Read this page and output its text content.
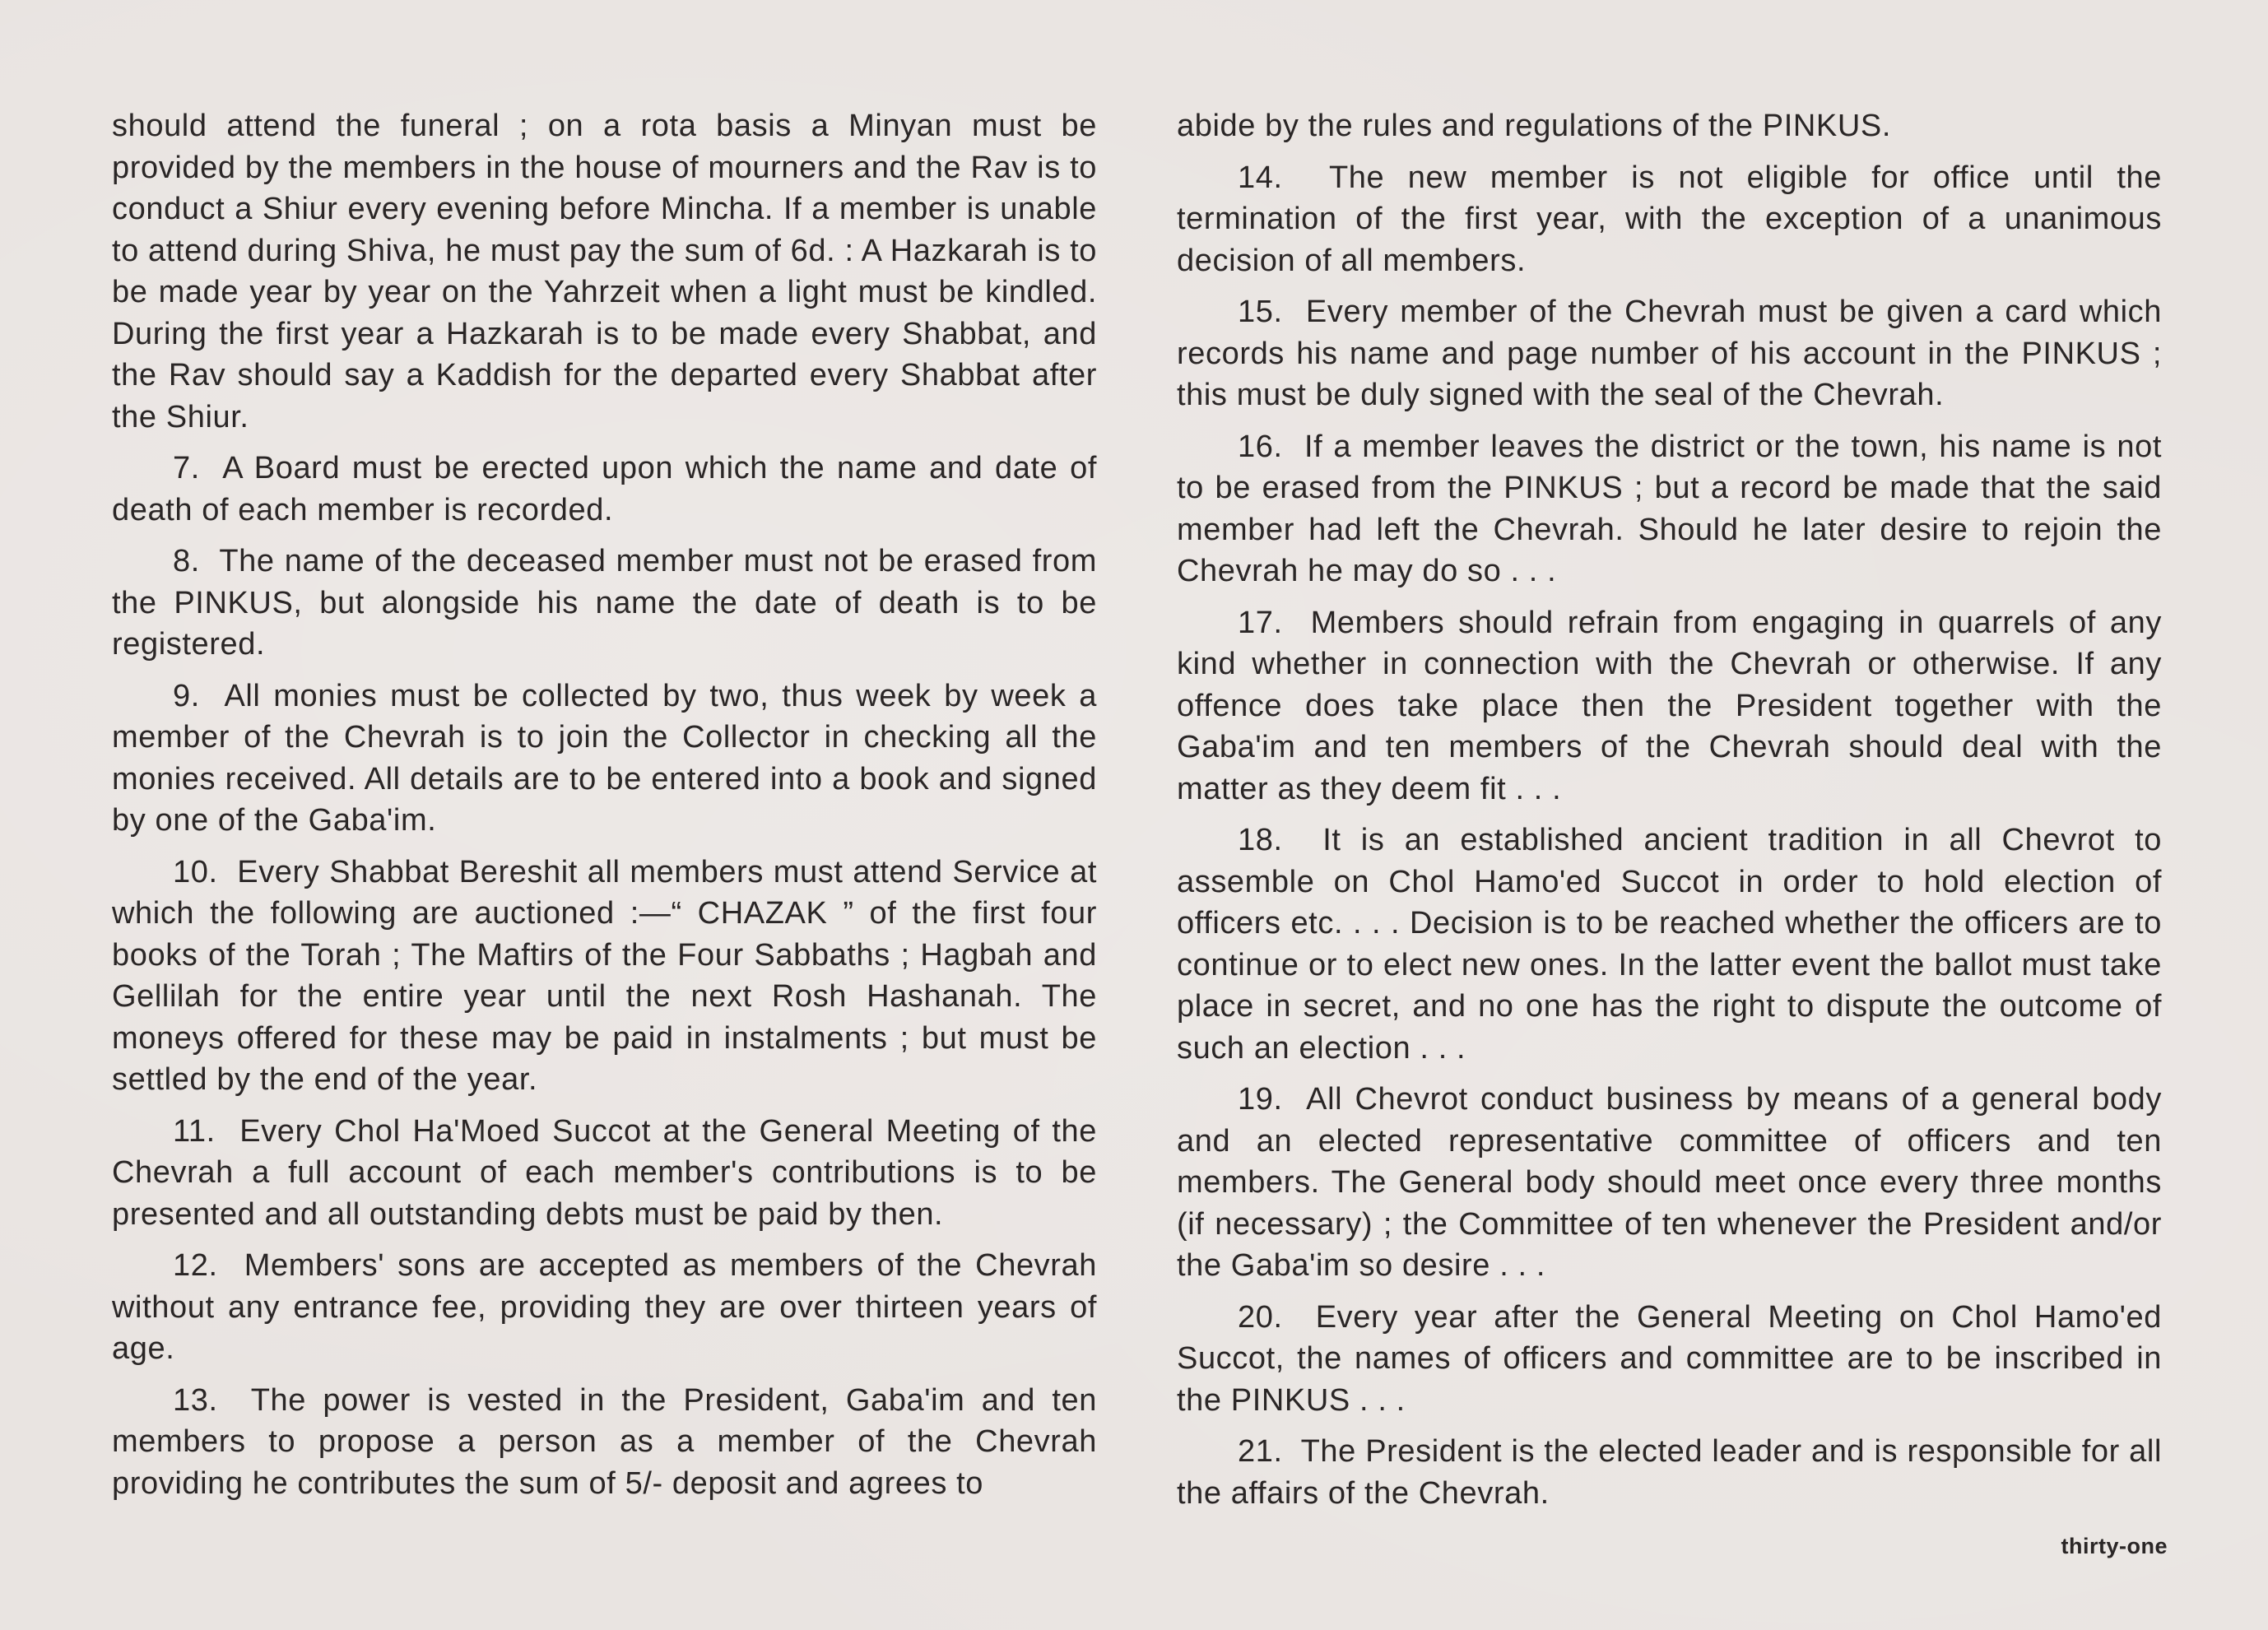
should attend the funeral ; on a rota basis a Minyan must be provided by the members in the house of mourners and the Rav is to conduct a Shiur every evening before Mincha. If a member is unable to attend during Shiva, he must pay the sum of 6d. : A Hazkarah is to be made year by year on the Yahrzeit when a light must be kindled. During the first year a Hazkarah is to be made every Shabbat, and the Rav should say a Kaddish for the departed every Shabbat after the Shiur.

7. A Board must be erected upon which the name and date of death of each member is recorded.

8. The name of the deceased member must not be erased from the PINKUS, but alongside his name the date of death is to be registered.

9. All monies must be collected by two, thus week by week a member of the Chevrah is to join the Collector in checking all the monies received. All details are to be entered into a book and signed by one of the Gaba'im.

10. Every Shabbat Bereshit all members must attend Service at which the following are auctioned :—“ CHAZAK ” of the first four books of the Torah ; The Maftirs of the Four Sabbaths ; Hagbah and Gellilah for the entire year until the next Rosh Hashanah. The moneys offered for these may be paid in instalments ; but must be settled by the end of the year.

11. Every Chol Ha'Moed Succot at the General Meeting of the Chevrah a full account of each member's contributions is to be presented and all outstanding debts must be paid by then.

12. Members' sons are accepted as members of the Chevrah without any entrance fee, providing they are over thirteen years of age.

13. The power is vested in the President, Gaba'im and ten members to propose a person as a member of the Chevrah providing he contributes the sum of 5/- deposit and agrees to

abide by the rules and regulations of the PINKUS.

14. The new member is not eligible for office until the termination of the first year, with the exception of a unanimous decision of all members.

15. Every member of the Chevrah must be given a card which records his name and page number of his account in the PINKUS ; this must be duly signed with the seal of the Chevrah.

16. If a member leaves the district or the town, his name is not to be erased from the PINKUS ; but a record be made that the said member had left the Chevrah. Should he later desire to rejoin the Chevrah he may do so . . .

17. Members should refrain from engaging in quarrels of any kind whether in connection with the Chevrah or otherwise. If any offence does take place then the President together with the Gaba'im and ten members of the Chevrah should deal with the matter as they deem fit . . .

18. It is an established ancient tradition in all Chevrot to assemble on Chol Hamo'ed Succot in order to hold election of officers etc. . . . Decision is to be reached whether the officers are to continue or to elect new ones. In the latter event the ballot must take place in secret, and no one has the right to dispute the outcome of such an election . . .

19. All Chevrot conduct business by means of a general body and an elected representative committee of officers and ten members. The General body should meet once every three months (if necessary) ; the Committee of ten whenever the President and/or the Gaba'im so desire . . .

20. Every year after the General Meeting on Chol Hamo'ed Succot, the names of officers and committee are to be inscribed in the PINKUS . . .

21. The President is the elected leader and is responsible for all the affairs of the Chevrah.

thirty-one
